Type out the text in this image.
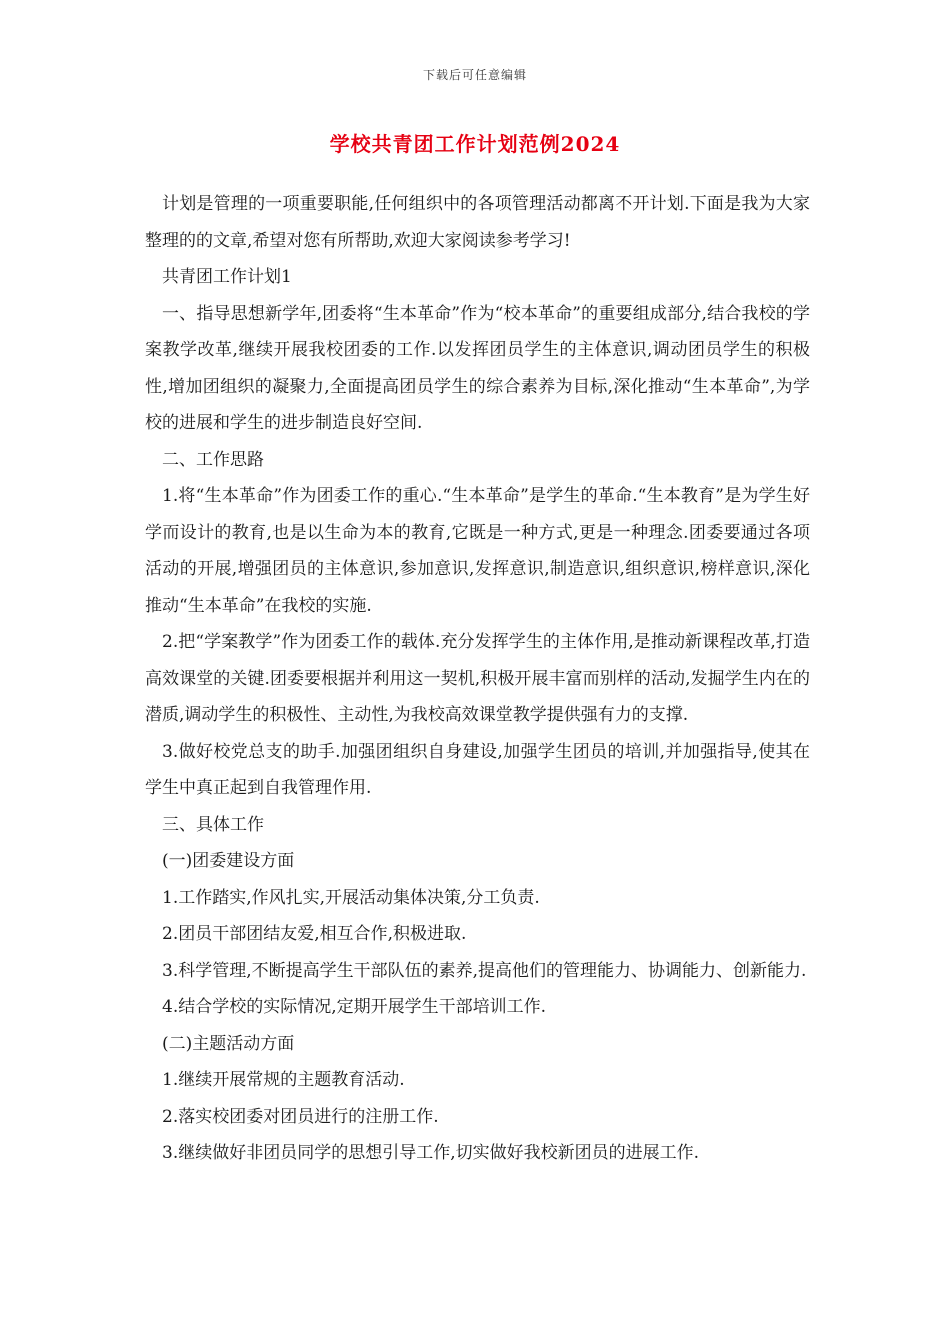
下载后可任意编辑
学校共青团工作计划范例2024

计划是管理的一项重要职能,任何组织中的各项管理活动都离不开计划.下面是我为大家整理的的文章,希望对您有所帮助,欢迎大家阅读参考学习!

共青团工作计划1

一、指导思想新学年,团委将“生本革命”作为“校本革命”的重要组成部分,结合我校的学案教学改革,继续开展我校团委的工作.以发挥团员学生的主体意识,调动团员学生的积极性,增加团组织的凝聚力,全面提高团员学生的综合素养为目标,深化推动“生本革命”,为学校的进展和学生的进步制造良好空间.

二、工作思路

1.将“生本革命”作为团委工作的重心.“生本革命”是学生的革命.“生本教育”是为学生好学而设计的教育,也是以生命为本的教育,它既是一种方式,更是一种理念.团委要通过各项活动的开展,增强团员的主体意识,参加意识,发挥意识,制造意识,组织意识,榜样意识,深化推动“生本革命”在我校的实施.

2.把“学案教学”作为团委工作的载体.充分发挥学生的主体作用,是推动新课程改革,打造高效课堂的关键.团委要根据并利用这一契机,积极开展丰富而别样的活动,发掘学生内在的潜质,调动学生的积极性、主动性,为我校高效课堂教学提供强有力的支撑.

3.做好校党总支的助手.加强团组织自身建设,加强学生团员的培训,并加强指导,使其在学生中真正起到自我管理作用.

三、具体工作

(一)团委建设方面

1.工作踏实,作风扎实,开展活动集体决策,分工负责.

2.团员干部团结友爱,相互合作,积极进取.

3.科学管理,不断提高学生干部队伍的素养,提高他们的管理能力、协调能力、创新能力.

4.结合学校的实际情况,定期开展学生干部培训工作.

(二)主题活动方面

1.继续开展常规的主题教育活动.

2.落实校团委对团员进行的注册工作.

3.继续做好非团员同学的思想引导工作,切实做好我校新团员的进展工作.
